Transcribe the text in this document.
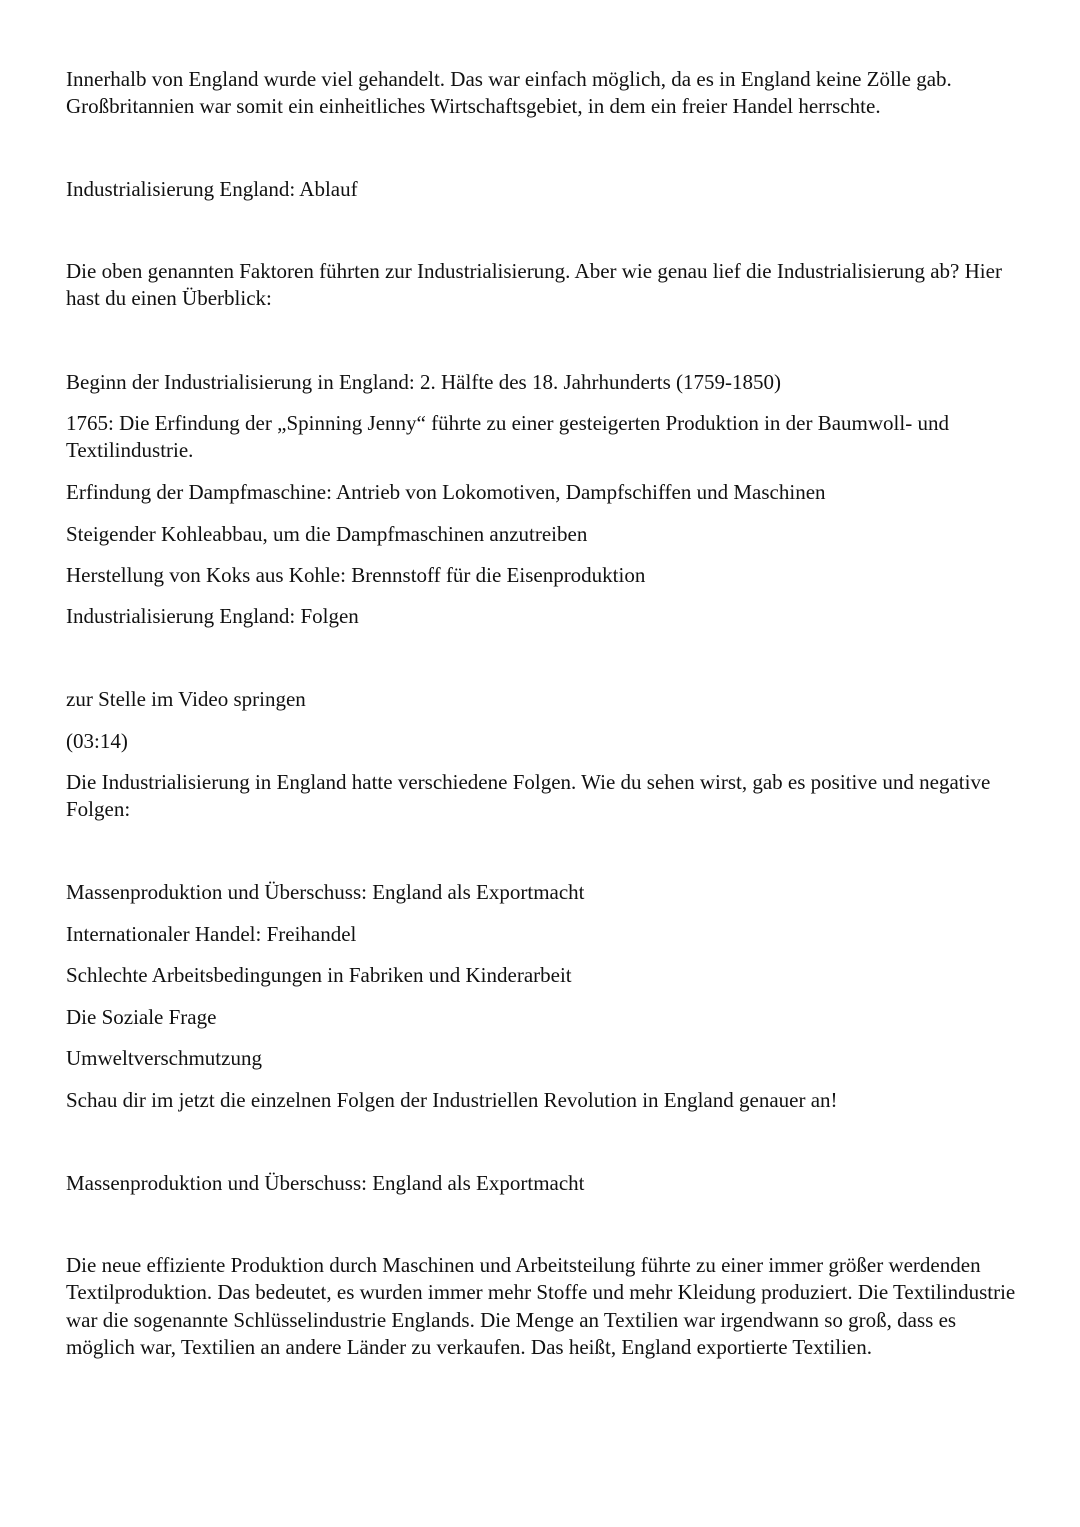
Innerhalb von England wurde viel gehandelt. Das war einfach möglich, da es in England keine Zölle gab. Großbritannien war somit ein einheitliches Wirtschaftsgebiet, in dem ein freier Handel herrschte.

Industrialisierung England: Ablauf

Die oben genannten Faktoren führten zur Industrialisierung. Aber wie genau lief die Industrialisierung ab? Hier hast du einen Überblick:

Beginn der Industrialisierung in England: 2. Hälfte des 18. Jahrhunderts (1759-1850)

1765: Die Erfindung der „Spinning Jenny“ führte zu einer gesteigerten Produktion in der Baumwoll- und Textilindustrie.

Erfindung der Dampfmaschine: Antrieb von Lokomotiven, Dampfschiffen und Maschinen

Steigender Kohleabbau, um die Dampfmaschinen anzutreiben

Herstellung von Koks aus Kohle: Brennstoff für die Eisenproduktion

Industrialisierung England: Folgen

zur Stelle im Video springen

(03:14)

Die Industrialisierung in England hatte verschiedene Folgen. Wie du sehen wirst, gab es positive und negative Folgen:

Massenproduktion und Überschuss: England als Exportmacht

Internationaler Handel: Freihandel

Schlechte Arbeitsbedingungen in Fabriken und Kinderarbeit

Die Soziale Frage

Umweltverschmutzung

Schau dir im jetzt die einzelnen Folgen der Industriellen Revolution in England genauer an!

Massenproduktion und Überschuss: England als Exportmacht

Die neue effiziente Produktion durch Maschinen und Arbeitsteilung führte zu einer immer größer werdenden Textilproduktion. Das bedeutet, es wurden immer mehr Stoffe und mehr Kleidung produziert. Die Textilindustrie war die sogenannte Schlüsselindustrie Englands. Die Menge an Textilien war irgendwann so groß, dass es möglich war, Textilien an andere Länder zu verkaufen. Das heißt, England exportierte Textilien.
